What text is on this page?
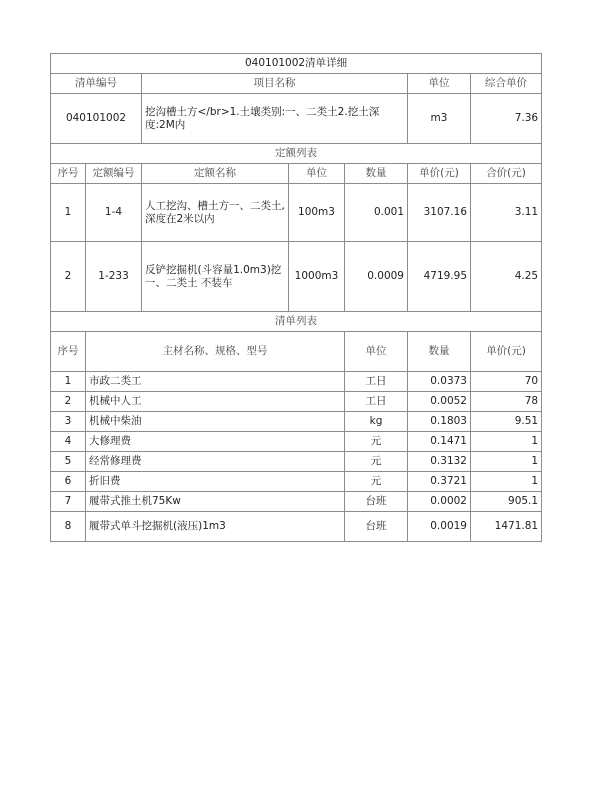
040101002清单详细							
清单编号		项目名称			单位	综合单价	
040101002		挖沟槽土方</br>1.土壤类别:一、二类土2.挖土深度:2M内			m3	7.36	
定额列表							
序号	定额编号	定额名称	单位	数量	单价(元)	合价(元)	
1	1-4	人工挖沟、槽土方一、二类土,深度在2米以内	100m3	0.001	3107.16	3.11	
2	1-233	反铲挖掘机(斗容量1.0m3)挖一、二类土 不装车	1000m3	0.0009	4719.95	4.25	
清单列表							
序号	主材名称、规格、型号			单位	数量	单价(元)	
1	市政二类工			工日	0.0373	70	
2	机械中人工			工日	0.0052	78	
3	机械中柴油			kg	0.1803	9.51	
4	大修理费			元	0.1471	1	
5	经常修理费			元	0.3132	1	
6	折旧费			元	0.3721	1	
7	履带式推土机75Kw			台班	0.0002	905.1	
8	履带式单斗挖掘机(液压)1m3			台班	0.0019	1471.81	
